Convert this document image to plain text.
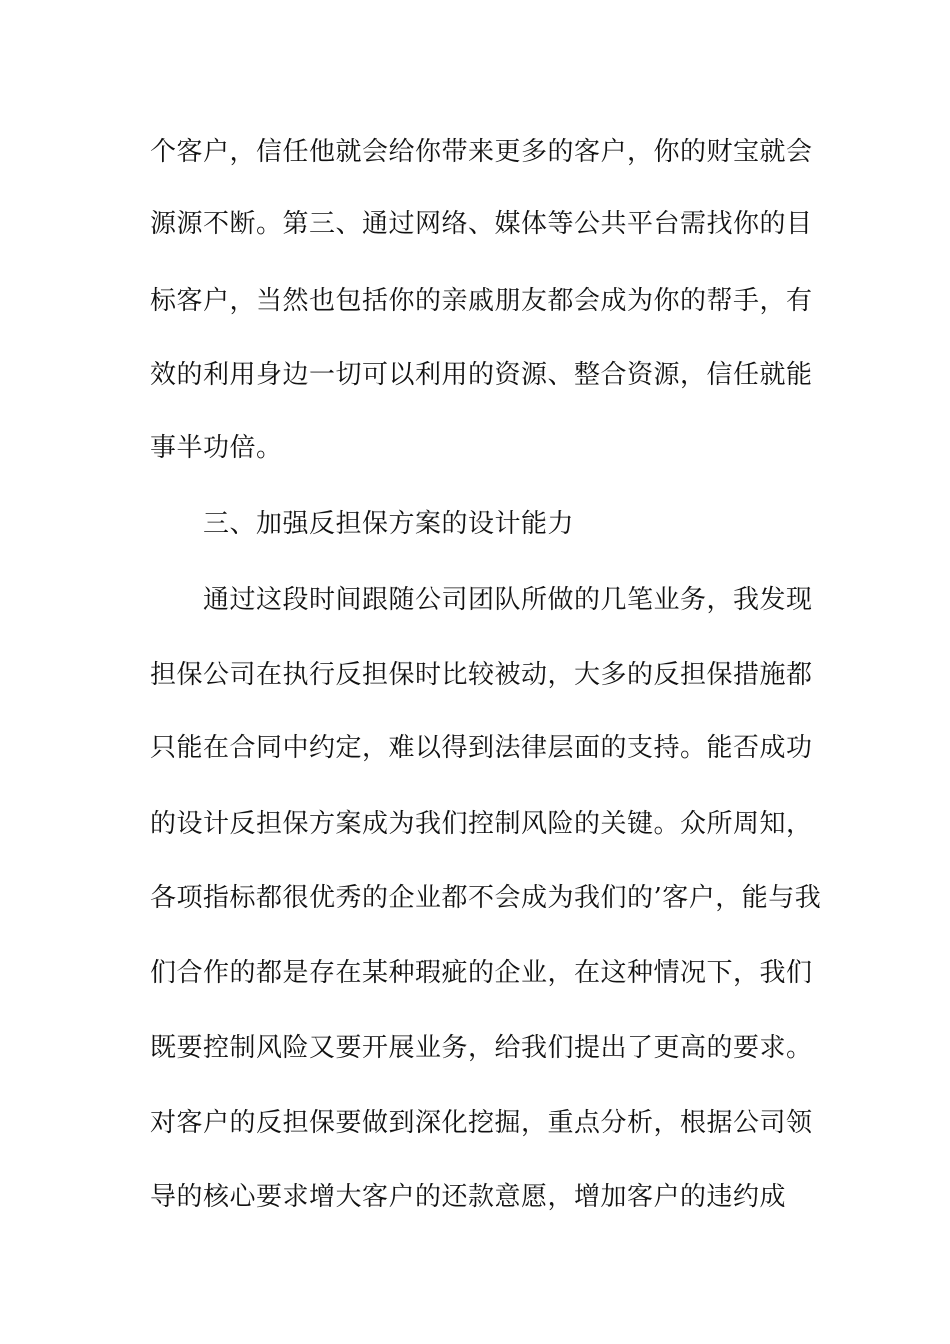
个客户，信任他就会给你带来更多的客户，你的财宝就会
源源不断。第三、通过网络、媒体等公共平台需找你的目
标客户，当然也包括你的亲戚朋友都会成为你的帮手，有
效的利用身边一切可以利用的资源、整合资源，信任就能
事半功倍。
三、加强反担保方案的设计能力
通过这段时间跟随公司团队所做的几笔业务，我发现
担保公司在执行反担保时比较被动，大多的反担保措施都
只能在合同中约定，难以得到法律层面的支持。能否成功
的设计反担保方案成为我们控制风险的关键。众所周知，
各项指标都很优秀的企业都不会成为我们的’客户，能与我
们合作的都是存在某种瑕疵的企业，在这种情况下，我们
既要控制风险又要开展业务，给我们提出了更高的要求。
对客户的反担保要做到深化挖掘，重点分析，根据公司领
导的核心要求增大客户的还款意愿，增加客户的违约成
